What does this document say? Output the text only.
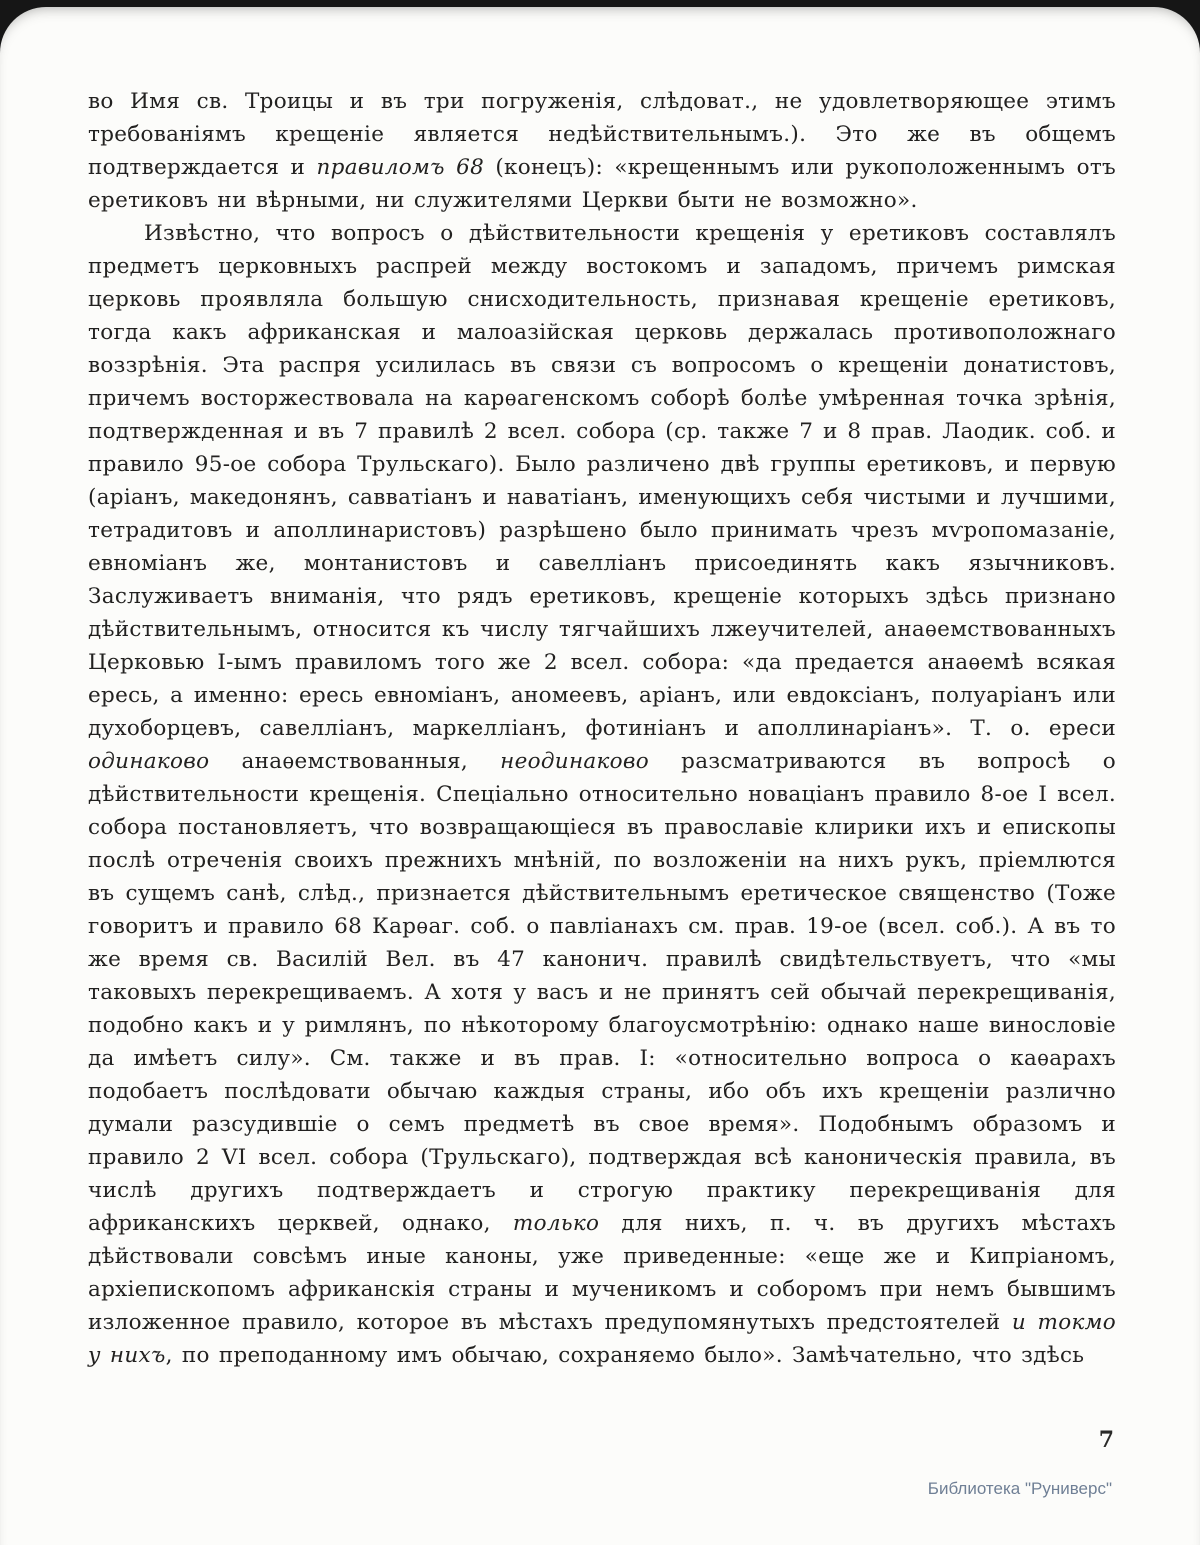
во Имя св. Троицы и въ три погруженія, слѣдоват., не удовлетворяющее этимъ требованіямъ крещеніе является недѣйствительнымъ.). Это же въ общемъ подтверждается и правиломъ 68 (конецъ): «крещеннымъ или рукоположеннымъ отъ еретиковъ ни вѣрными, ни служителями Церкви быти не возможно».

Извѣстно, что вопросъ о дѣйствительности крещенія у еретиковъ составлялъ предметъ церковныхъ распрей между востокомъ и западомъ, причемъ римская церковь проявляла большую снисходительность, признавая крещеніе еретиковъ, тогда какъ африканская и малоазійская церковь держалась противоположнаго воззрѣнія. Эта распря усилилась въ связи съ вопросомъ о крещеніи донатистовъ, причемъ восторжествовала на карѳагенскомъ соборѣ болѣе умѣренная точка зрѣнія, подтвержденная и въ 7 правилѣ 2 всел. собора (ср. также 7 и 8 прав. Лаодик. соб. и правило 95-ое собора Трульскаго). Было различено двѣ группы еретиковъ, и первую (аріанъ, македонянъ, савватіанъ и наватіанъ, именующихъ себя чистыми и лучшими, тетрадитовъ и аполлинаристовъ) разрѣшено было принимать чрезъ мѵропомазаніе, евноміанъ же, монтанистовъ и савелліанъ присоединять какъ язычниковъ. Заслуживаетъ вниманія, что рядъ еретиковъ, крещеніе которыхъ здѣсь признано дѣйствительнымъ, относится къ числу тягчайшихъ лжеучителей, анаѳемствованныхъ Церковью I-ымъ правиломъ того же 2 всел. собора: «да предается анаѳемѣ всякая ересь, а именно: ересь евноміанъ, аномеевъ, аріанъ, или евдоксіанъ, полуаріанъ или духоборцевъ, савелліанъ, маркелліанъ, фотиніанъ и аполлинаріанъ». Т. о. ереси одинаково анаѳемствованныя, неодинаково разсматриваются въ вопросѣ о дѣйствительности крещенія. Спеціально относительно новаціанъ правило 8-ое I всел. собора постановляетъ, что возвращающіеся въ православіе клирики ихъ и епископы послѣ отреченія своихъ прежнихъ мнѣній, по возложеніи на нихъ рукъ, пріемлются въ сущемъ санѣ, слѣд., признается дѣйствительнымъ еретическое священство (Тоже говоритъ и правило 68 Карѳаг. соб. о павліанахъ см. прав. 19-ое (всел. соб.). А въ то же время св. Василій Вел. въ 47 канонич. правилѣ свидѣтельствуетъ, что «мы таковыхъ перекрещиваемъ. А хотя у васъ и не принятъ сей обычай перекрещиванія, подобно какъ и у римлянъ, по нѣкоторому благоусмотрѣнію: однако наше винословіе да имѣетъ силу». См. также и въ прав. I: «относительно вопроса о каѳарахъ подобаетъ послѣдовати обычаю каждыя страны, ибо объ ихъ крещеніи различно думали разсудившіе о семъ предметѣ въ свое время». Подобнымъ образомъ и правило 2 VI всел. собора (Трульскаго), подтверждая всѣ каноническія правила, въ числѣ другихъ подтверждаетъ и строгую практику перекрещиванія для африканскихъ церквей, однако, только для нихъ, п. ч. въ другихъ мѣстахъ дѣйствовали совсѣмъ иные каноны, уже приведенные: «еще же и Кипріаномъ, архіепископомъ африканскія страны и мученикомъ и соборомъ при немъ бывшимъ изложенное правило, которое въ мѣстахъ предупомянутыхъ предстоятелей и токмо у нихъ, по преподанному имъ обычаю, сохраняемо было». Замѣчательно, что здѣсь

7
Библиотека "Руниверс"
